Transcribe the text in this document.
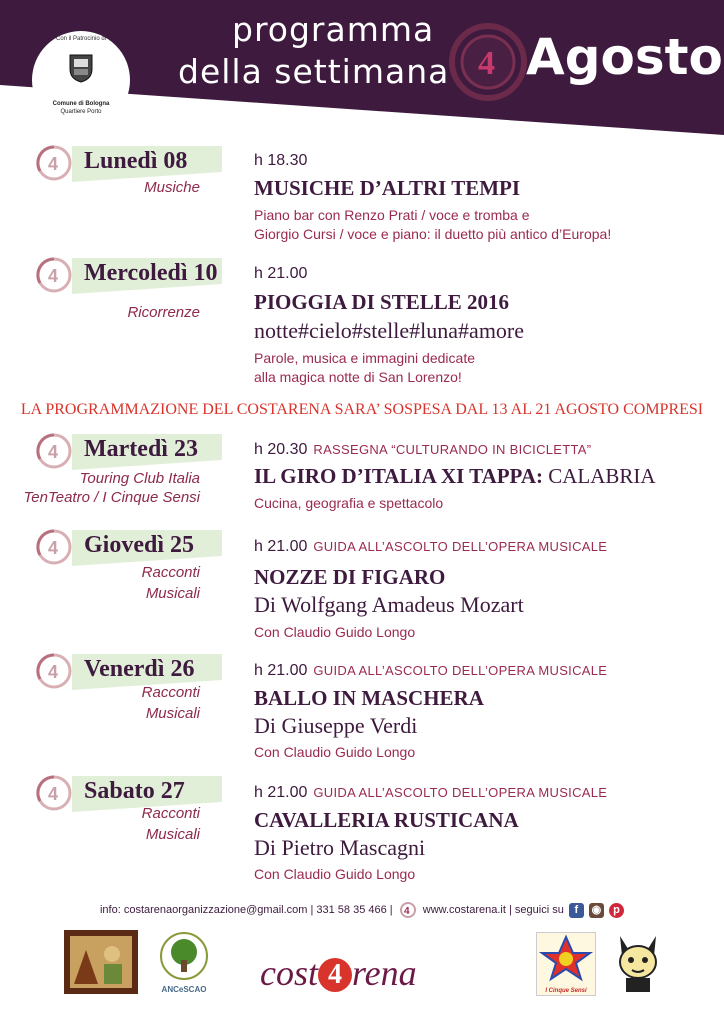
4
programma
della settimana Agosto
Via Azzo Gardino, 48
Con il Patrocinio di
Comune di Bologna
Quartiere Porto
4 Lunedì 08
Musiche
h 18.30
MUSICHE D’ALTRI TEMPI
Piano bar con Renzo Prati / voce e tromba e
Giorgio Cursi / voce e piano: il duetto più antico d’Europa!
4 Mercoledì 10
Ricorrenze
h 21.00
PIOGGIA DI STELLE 2016
notte#cielo#stelle#luna#amore
Parole, musica e immagini dedicate
alla magica notte di San Lorenzo!
4 Martedì 23
Touring Club Italia
TenTeatro / I Cinque Sensi
h 20.30 RASSEGNA “CULTURANDO IN BICICLETTA”
IL GIRO D’ITALIA XI TAPPA: CALABRIA
Cucina, geografia e spettacolo
4 Giovedì 25
Racconti
Musicali
h 21.00 GUIDA ALL’ASCOLTO DELL’OPERA MUSICALE
NOZZE DI FIGARO
Di Wolfgang Amadeus Mozart
Con Claudio Guido Longo
4 Venerdì 26
Racconti
Musicali
h 21.00 GUIDA ALL’ASCOLTO DELL’OPERA MUSICALE
BALLO IN MASCHERA
Di Giuseppe Verdi
Con Claudio Guido Longo
4 Sabato 27
Racconti
Musicali
h 21.00 GUIDA ALL’ASCOLTO DELL’OPERA MUSICALE
CAVALLERIA RUSTICANA
Di Pietro Mascagni
Con Claudio Guido Longo
LA PROGRAMMAZIONE DEL COSTARENA SARA’ SOSPESA DAL 13 AL 21 AGOSTO COMPRESI
info: costarenaorganizzazione@gmail.com | 331 58 35 466 | 4 www.costarena.it | seguici su f ◉ p
ANCeSCAO cost 4 rena	I Cinque Sensi
